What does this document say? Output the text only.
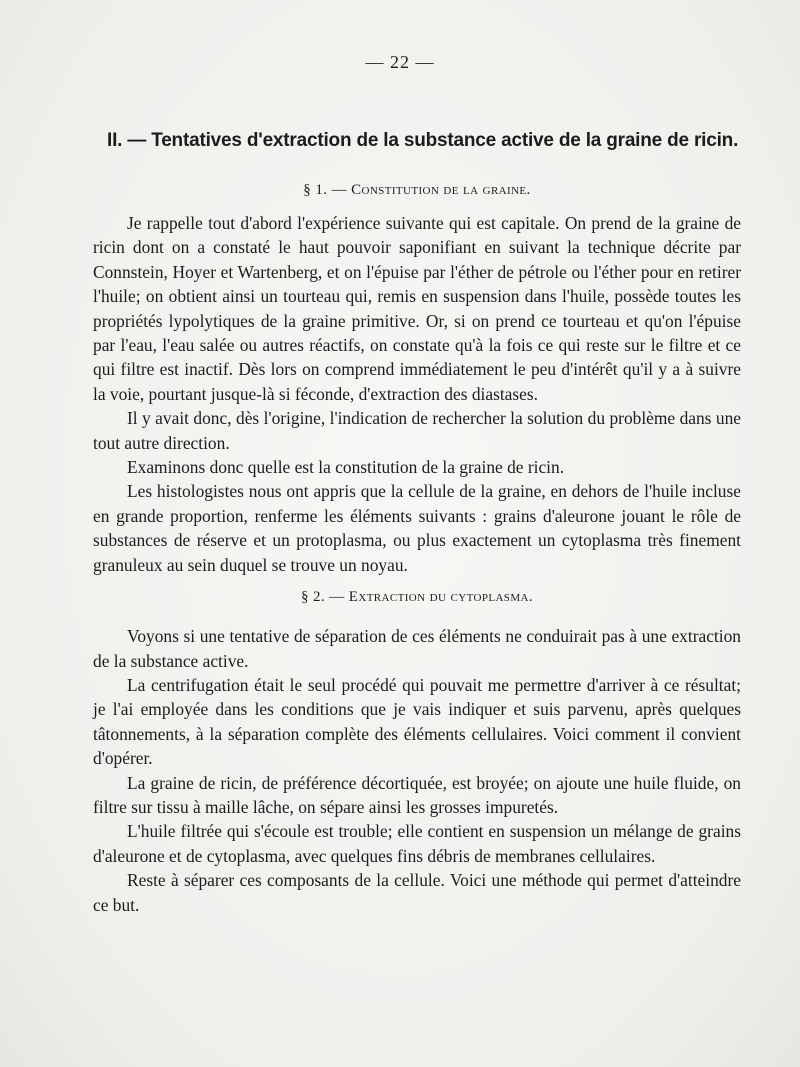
— 22 —
II. — Tentatives d'extraction de la substance active de la graine de ricin.
§ 1. — Constitution de la graine.

Je rappelle tout d'abord l'expérience suivante qui est capitale. On prend de la graine de ricin dont on a constaté le haut pouvoir saponifiant en suivant la technique décrite par Connstein, Hoyer et Wartenberg, et on l'épuise par l'éther de pétrole ou l'éther pour en retirer l'huile; on obtient ainsi un tourteau qui, remis en suspension dans l'huile, possède toutes les propriétés lypolytiques de la graine primitive. Or, si on prend ce tourteau et qu'on l'épuise par l'eau, l'eau salée ou autres réactifs, on constate qu'à la fois ce qui reste sur le filtre et ce qui filtre est inactif. Dès lors on comprend immédiatement le peu d'intérêt qu'il y a à suivre la voie, pourtant jusque-là si féconde, d'extraction des diastases.

Il y avait donc, dès l'origine, l'indication de rechercher la solution du problème dans une tout autre direction.

Examinons donc quelle est la constitution de la graine de ricin.

Les histologistes nous ont appris que la cellule de la graine, en dehors de l'huile incluse en grande proportion, renferme les éléments suivants : grains d'aleurone jouant le rôle de substances de réserve et un protoplasma, ou plus exactement un cytoplasma très finement granuleux au sein duquel se trouve un noyau.

§ 2. — Extraction du cytoplasma.

Voyons si une tentative de séparation de ces éléments ne conduirait pas à une extraction de la substance active.

La centrifugation était le seul procédé qui pouvait me permettre d'arriver à ce résultat; je l'ai employée dans les conditions que je vais indiquer et suis parvenu, après quelques tâtonnements, à la séparation complète des éléments cellulaires. Voici comment il convient d'opérer.

La graine de ricin, de préférence décortiquée, est broyée; on ajoute une huile fluide, on filtre sur tissu à maille lâche, on sépare ainsi les grosses impuretés.

L'huile filtrée qui s'écoule est trouble; elle contient en suspension un mélange de grains d'aleurone et de cytoplasma, avec quelques fins débris de membranes cellulaires.

Reste à séparer ces composants de la cellule. Voici une méthode qui permet d'atteindre ce but.
